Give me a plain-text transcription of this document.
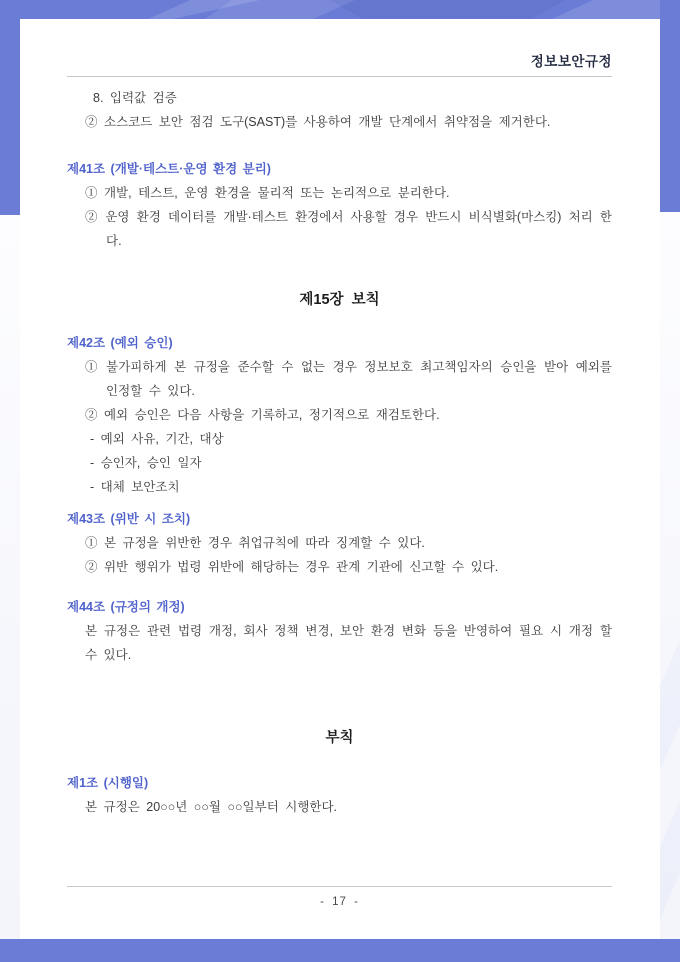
정보보안규정

8. 입력값 검증

② 소스코드 보안 점검 도구(SAST)를 사용하여 개발 단계에서 취약점을 제거한다.

제41조 (개발·테스트·운영 환경 분리)

① 개발, 테스트, 운영 환경을 물리적 또는 논리적으로 분리한다.

② 운영 환경 데이터를 개발·테스트 환경에서 사용할 경우 반드시 비식별화(마스킹) 처리 한다.

제15장  보칙
제42조 (예외 승인)

① 불가피하게 본 규정을 준수할 수 없는 경우 정보보호 최고책임자의 승인을 받아 예외를 인정할 수 있다.

② 예외 승인은 다음 사항을 기록하고, 정기적으로 재검토한다.

- 예외 사유, 기간, 대상

- 승인자, 승인 일자

- 대체 보안조치

제43조 (위반 시 조치)

① 본 규정을 위반한 경우 취업규칙에 따라 징계할 수 있다.

② 위반 행위가 법령 위반에 해당하는 경우 관계 기관에 신고할 수 있다.

제44조 (규정의 개정)

본 규정은 관련 법령 개정, 회사 정책 변경, 보안 환경 변화 등을 반영하여 필요 시 개정 할 수 있다.

부칙
제1조 (시행일)

본 규정은 20○○년 ○○월 ○○일부터 시행한다.

- 17 -
